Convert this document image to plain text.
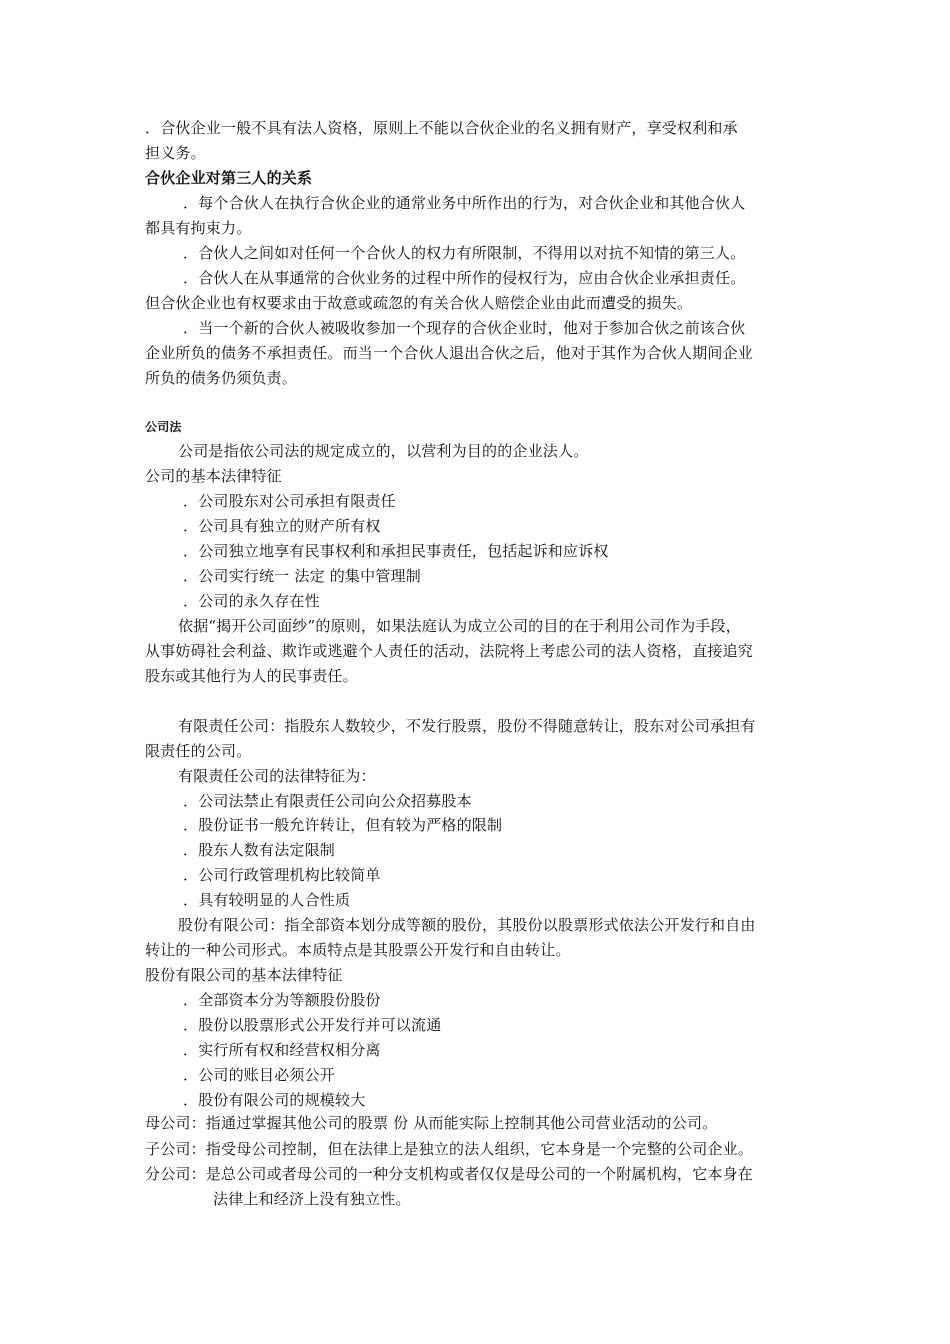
．合伙企业一般不具有法人资格，原则上不能以合伙企业的名义拥有财产，享受权利和承
担义务。
合伙企业对第三人的关系
．每个合伙人在执行合伙企业的通常业务中所作出的行为，对合伙企业和其他合伙人
都具有拘束力。
．合伙人之间如对任何一个合伙人的权力有所限制，不得用以对抗不知情的第三人。
．合伙人在从事通常的合伙业务的过程中所作的侵权行为，应由合伙企业承担责任。
但合伙企业也有权要求由于故意或疏忽的有关合伙人赔偿企业由此而遭受的损失。
．当一个新的合伙人被吸收参加一个现存的合伙企业时，他对于参加合伙之前该合伙
企业所负的债务不承担责任。而当一个合伙人退出合伙之后，他对于其作为合伙人期间企业
所负的债务仍须负责。
公司法
公司是指依公司法的规定成立的，以营利为目的的企业法人。
公司的基本法律特征
．公司股东对公司承担有限责任
．公司具有独立的财产所有权
．公司独立地享有民事权利和承担民事责任，包括起诉和应诉权
．公司实行统一 法定 的集中管理制
．公司的永久存在性
依据“揭开公司面纱”的原则，如果法庭认为成立公司的目的在于利用公司作为手段，
从事妨碍社会利益、欺诈或逃避个人责任的活动，法院将上考虑公司的法人资格，直接追究
股东或其他行为人的民事责任。
有限责任公司：指股东人数较少，不发行股票，股份不得随意转让，股东对公司承担有
限责任的公司。
有限责任公司的法律特征为：
．公司法禁止有限责任公司向公众招募股本
．股份证书一般允许转让，但有较为严格的限制
．股东人数有法定限制
．公司行政管理机构比较简单
．具有较明显的人合性质
股份有限公司：指全部资本划分成等额的股份，其股份以股票形式依法公开发行和自由
转让的一种公司形式。本质特点是其股票公开发行和自由转让。
股份有限公司的基本法律特征
．全部资本分为等额股份股份
．股份以股票形式公开发行并可以流通
．实行所有权和经营权相分离
．公司的账目必须公开
．股份有限公司的规模较大
母公司：指通过掌握其他公司的股票 份 从而能实际上控制其他公司营业活动的公司。
子公司：指受母公司控制，但在法律上是独立的法人组织，它本身是一个完整的公司企业。
分公司：是总公司或者母公司的一种分支机构或者仅仅是母公司的一个附属机构，它本身在
法律上和经济上没有独立性。
